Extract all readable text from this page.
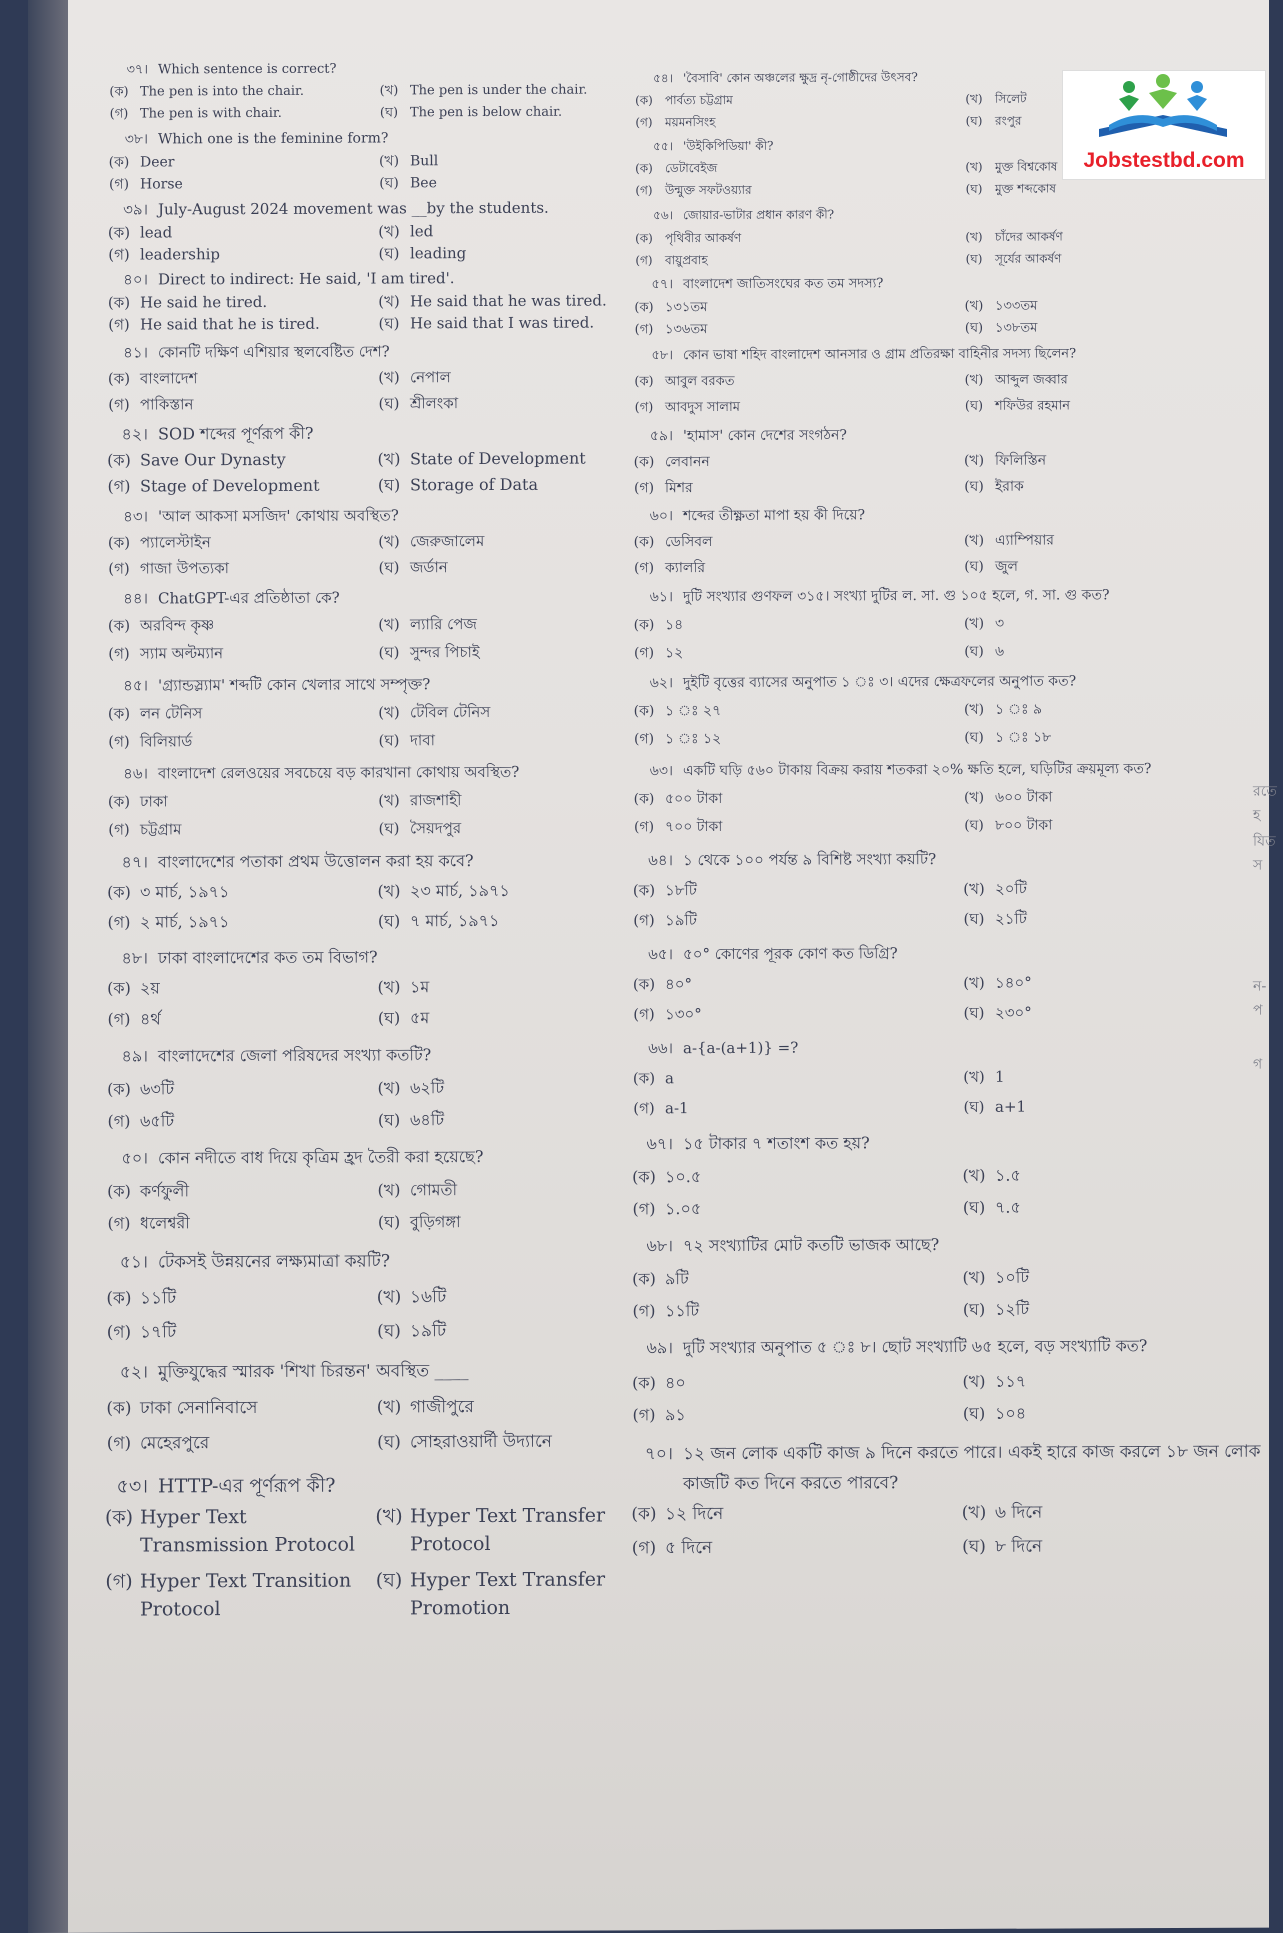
৩৭। Which sentence is correct?
(ক) The pen is into the chair.	(খ) The pen is under the chair.
(গ) The pen is with chair.	(ঘ) The pen is below chair.
৩৮। Which one is the feminine form?
(ক) Deer	(খ) Bull
(গ) Horse	(ঘ) Bee
৩৯। July-August 2024 movement was __by the students.
(ক) lead	(খ) led
(গ) leadership	(ঘ) leading
৪০। Direct to indirect: He said, 'I am tired'.
(ক) He said he tired.	(খ) He said that he was tired.
(গ) He said that he is tired.	(ঘ) He said that I was tired.
৪১। কোনটি দক্ষিণ এশিয়ার স্থলবেষ্টিত দেশ?
(ক) বাংলাদেশ	(খ) নেপাল
(গ) পাকিস্তান	(ঘ) শ্রীলংকা
৪২। SOD শব্দের পূর্ণরূপ কী?
(ক) Save Our Dynasty	(খ) State of Development
(গ) Stage of Development	(ঘ) Storage of Data
৪৩। 'আল আকসা মসজিদ' কোথায় অবস্থিত?
(ক) প্যালেস্টাইন	(খ) জেরুজালেম
(গ) গাজা উপত্যকা	(ঘ) জর্ডান
৪৪। ChatGPT-এর প্রতিষ্ঠাতা কে?
(ক) অরবিন্দ কৃষ্ণ	(খ) ল্যারি পেজ
(গ) স্যাম অল্টম্যান	(ঘ) সুন্দর পিচাই
৪৫। 'গ্র্যান্ডস্ল্যাম' শব্দটি কোন খেলার সাথে সম্পৃক্ত?
(ক) লন টেনিস	(খ) টেবিল টেনিস
(গ) বিলিয়ার্ড	(ঘ) দাবা
৪৬। বাংলাদেশ রেলওয়ের সবচেয়ে বড় কারখানা কোথায় অবস্থিত?
(ক) ঢাকা	(খ) রাজশাহী
(গ) চট্টগ্রাম	(ঘ) সৈয়দপুর
৪৭। বাংলাদেশের পতাকা প্রথম উত্তোলন করা হয় কবে?
(ক) ৩ মার্চ, ১৯৭১	(খ) ২৩ মার্চ, ১৯৭১
(গ) ২ মার্চ, ১৯৭১	(ঘ) ৭ মার্চ, ১৯৭১
৪৮। ঢাকা বাংলাদেশের কত তম বিভাগ?
(ক) ২য়	(খ) ১ম
(গ) ৪র্থ	(ঘ) ৫ম
৪৯। বাংলাদেশের জেলা পরিষদের সংখ্যা কতটি?
(ক) ৬৩টি	(খ) ৬২টি
(গ) ৬৫টি	(ঘ) ৬৪টি
৫০। কোন নদীতে বাধ দিয়ে কৃত্রিম হ্রদ তৈরী করা হয়েছে?
(ক) কর্ণফুলী	(খ) গোমতী
(গ) ধলেশ্বরী	(ঘ) বুড়িগঙ্গা
৫১। টেকসই উন্নয়নের লক্ষ্যমাত্রা কয়টি?
(ক) ১১টি	(খ) ১৬টি
(গ) ১৭টি	(ঘ) ১৯টি
৫২। মুক্তিযুদ্ধের স্মারক 'শিখা চিরন্তন' অবস্থিত ____
(ক) ঢাকা সেনানিবাসে	(খ) গাজীপুরে
(গ) মেহেরপুরে	(ঘ) সোহরাওয়ার্দী উদ্যানে
৫৩। HTTP-এর পূর্ণরূপ কী?
(ক) Hyper Text Transmission Protocol
(খ) Hyper Text Transfer Protocol
(গ) Hyper Text Transition Protocol
(ঘ) Hyper Text Transfer Promotion
৫৪। 'বৈসাবি' কোন অঞ্চলের ক্ষুদ্র নৃ-গোষ্ঠীদের উৎসব?
(ক)	পার্বত্য চট্টগ্রাম	(খ)	সিলেট
(গ)	ময়মনসিংহ	(ঘ)	রংপুর
৫৫। 'উইকিপিডিয়া' কী?
(ক)	ডেটাবেইজ	(খ)	মুক্ত বিশ্বকোষ
(গ)	উন্মুক্ত সফটওয়্যার	(ঘ)	মুক্ত শব্দকোষ
৫৬। জোয়ার-ভাটার প্রধান কারণ কী?
(ক)	পৃথিবীর আকর্ষণ	(খ)	চাঁদের আকর্ষণ
(গ)	বায়ুপ্রবাহ	(ঘ)	সূর্যের আকর্ষণ
৫৭। বাংলাদেশ জাতিসংঘের কত তম সদস্য?
(ক) ১৩১তম	(খ) ১৩৩তম
(গ) ১৩৬তম	(ঘ) ১৩৮তম
৫৮। কোন ভাষা শহিদ বাংলাদেশ আনসার ও গ্রাম প্রতিরক্ষা বাহিনীর সদস্য ছিলেন?
(ক) আবুল বরকত	(খ) আব্দুল জব্বার
(গ) আবদুস সালাম	(ঘ) শফিউর রহমান
৫৯। 'হামাস' কোন দেশের সংগঠন?
(ক) লেবানন	(খ) ফিলিস্তিন
(গ) মিশর	(ঘ) ইরাক
৬০। শব্দের তীক্ষ্ণতা মাপা হয় কী দিয়ে?
(ক) ডেসিবল	(খ) এ্যাম্পিয়ার
(গ) ক্যালরি	(ঘ) জুল
৬১। দুটি সংখ্যার গুণফল ৩১৫। সংখ্যা দুটির ল. সা. গু ১০৫ হলে, গ. সা. গু কত?
(ক) ১৪	(খ) ৩
(গ) ১২	(ঘ) ৬
৬২। দুইটি বৃত্তের ব্যাসের অনুপাত ১ ঃ ৩। এদের ক্ষেত্রফলের অনুপাত কত?
(ক) ১ ঃ ২৭	(খ) ১ ঃ ৯
(গ) ১ ঃ ১২	(ঘ) ১ ঃ ১৮
৬৩। একটি ঘড়ি ৫৬০ টাকায় বিক্রয় করায় শতকরা ২০% ক্ষতি হলে, ঘড়িটির ক্রয়মূল্য কত?
(ক) ৫০০ টাকা	(খ) ৬০০ টাকা
(গ) ৭০০ টাকা	(ঘ) ৮০০ টাকা
৬৪। ১ থেকে ১০০ পর্যন্ত ৯ বিশিষ্ট সংখ্যা কয়টি?
(ক) ১৮টি	(খ) ২০টি
(গ) ১৯টি	(ঘ) ২১টি
৬৫। ৫০° কোণের পূরক কোণ কত ডিগ্রি?
(ক) ৪০°	(খ) ১৪০°
(গ) ১৩০°	(ঘ) ২৩০°
৬৬। a-{a-(a+1)} =?
(ক) a	(খ) 1
(গ) a-1	(ঘ) a+1
৬৭। ১৫ টাকার ৭ শতাংশ কত হয়?
(ক) ১০.৫	(খ) ১.৫
(গ) ১.০৫	(ঘ) ৭.৫
৬৮। ৭২ সংখ্যাটির মোট কতটি ভাজক আছে?
(ক) ৯টি	(খ) ১০টি
(গ) ১১টি	(ঘ) ১২টি
৬৯। দুটি সংখ্যার অনুপাত ৫ ঃ ৮। ছোট সংখ্যাটি ৬৫ হলে, বড় সংখ্যাটি কত?
(ক) ৪০	(খ) ১১৭
(গ) ৯১	(ঘ) ১০৪
৭০। ১২ জন লোক একটি কাজ ৯ দিনে করতে পারে। একই হারে কাজ করলে ১৮ জন লোক কাজটি কত দিনে করতে পারবে?
(ক) ১২ দিনে	(খ) ৬ দিনে
(গ) ৫ দিনে	(ঘ) ৮ দিনে
রতে হ
যিত স
ন-প
গ
Jobstestbd.com
